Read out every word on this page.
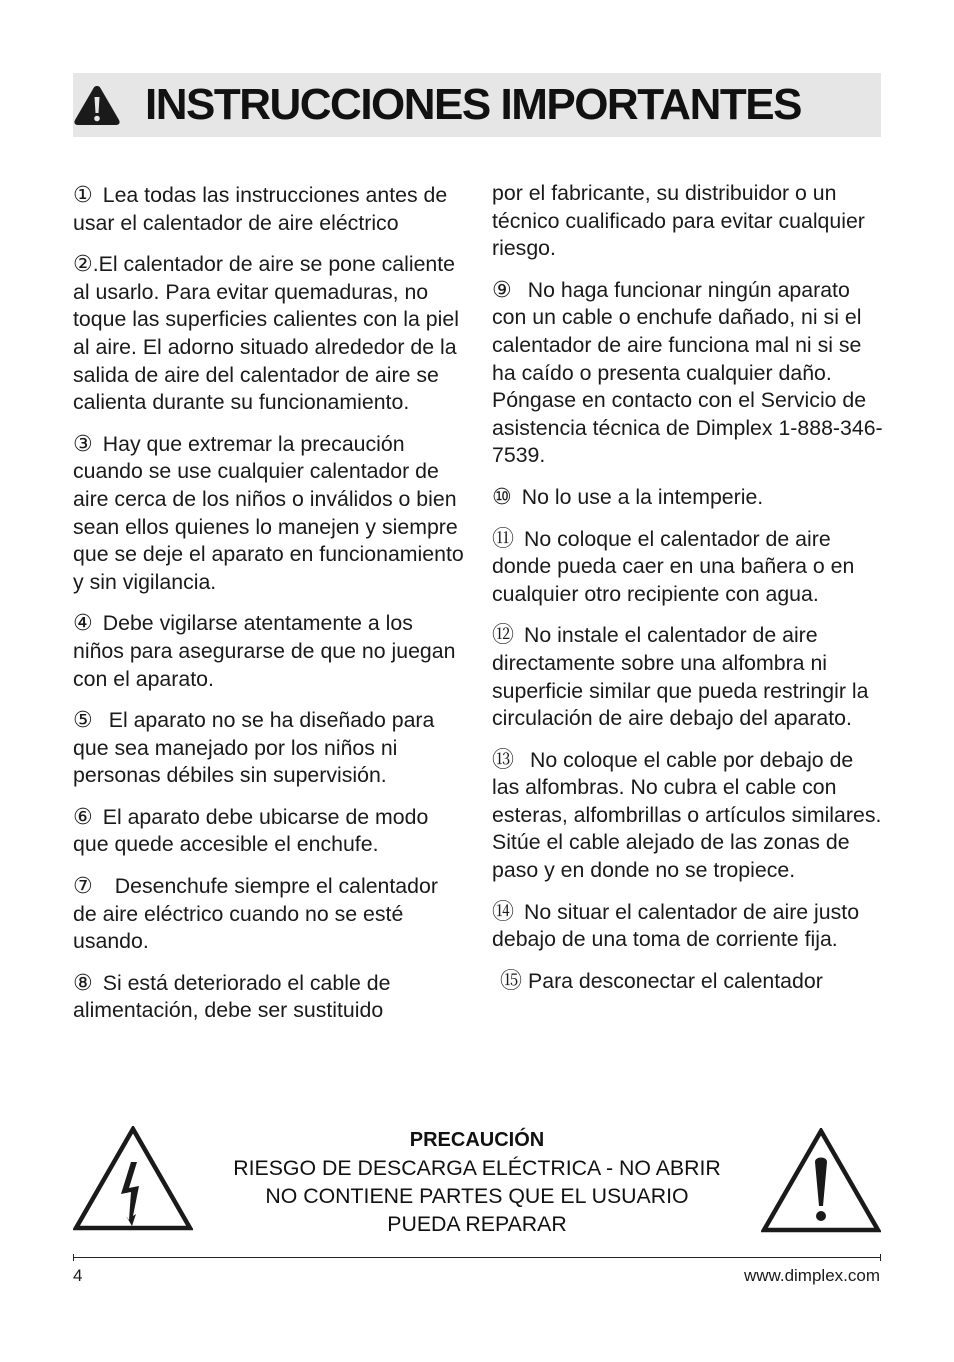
INSTRUCCIONES IMPORTANTES

① Lea todas las instrucciones antes de usar el calentador de aire eléctrico

②.El calentador de aire se pone caliente al usarlo. Para evitar quemaduras, no toque las superficies calientes con la piel al aire. El adorno situado alrededor de la salida de aire del calentador de aire se calienta durante su funcionamiento.

③ Hay que extremar la precaución cuando se use cualquier calentador de aire cerca de los niños o inválidos o bien sean ellos quienes lo manejen y siempre que se deje el aparato en funcionamiento y sin vigilancia.

④ Debe vigilarse atentamente a los niños para asegurarse de que no juegan con el aparato.

⑤ El aparato no se ha diseñado para que sea manejado por los niños ni personas débiles sin supervisión.

⑥ El aparato debe ubicarse de modo que quede accesible el enchufe.

⑦ Desenchufe siempre el calentador de aire eléctrico cuando no se esté usando.

⑧ Si está deteriorado el cable de alimentación, debe ser sustituido

por el fabricante, su distribuidor o un técnico cualificado para evitar cualquier riesgo.

⑨ No haga funcionar ningún aparato con un cable o enchufe dañado, ni si el calentador de aire funciona mal ni si se ha caído o presenta cualquier daño. Póngase en contacto con el Servicio de asistencia técnica de Dimplex 1-888-346-7539.

⑩ No lo use a la intemperie.

⑪ No coloque el calentador de aire donde pueda caer en una bañera o en cualquier otro recipiente con agua.

⑫ No instale el calentador de aire directamente sobre una alfombra ni superficie similar que pueda restringir la circulación de aire debajo del aparato.

⑬ No coloque el cable por debajo de las alfombras. No cubra el cable con esteras, alfombrillas o artículos similares. Sitúe el cable alejado de las zonas de paso y en donde no se tropiece.

⑭ No situar el calentador de aire justo debajo de una toma de corriente fija.

⑮ Para desconectar el calentador

PRECAUCIÓN
RIESGO DE DESCARGA ELÉCTRICA - NO ABRIR
NO CONTIENE PARTES QUE EL USUARIO
PUEDA REPARAR
4	www.dimplex.com
